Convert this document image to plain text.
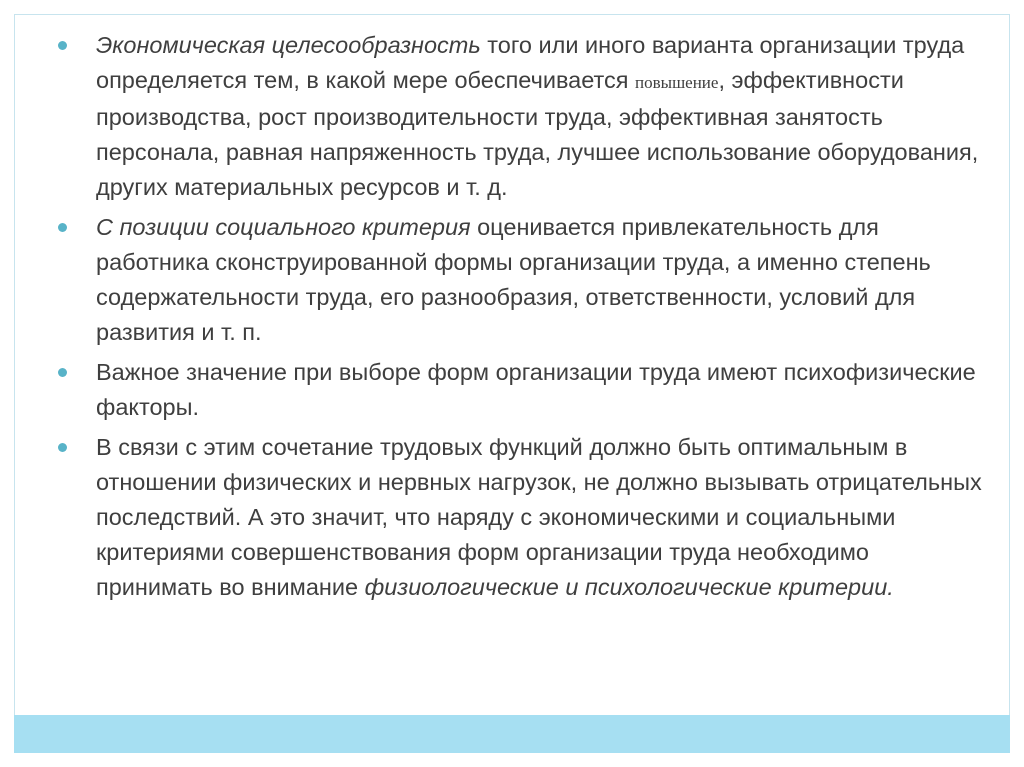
Экономическая целесообразность того или иного варианта организации труда определяется тем, в какой мере обеспечивается повышение, эффективности производства, рост производительности труда, эффективная занятость персонала, равная напряженность труда, лучшее использование оборудования, других материальных ресурсов и т. д.
С позиции социального критерия оценивается привлекательность для работника сконструированной формы организации труда, а именно степень содержательности труда, его разнообразия, ответственности, условий для развития и т. п.
Важное значение при выборе форм организации труда имеют психофизические факторы.
В связи с этим сочетание трудовых функций должно быть оптимальным в отношении физических и нервных нагрузок, не должно вызывать отрицательных последствий. А это значит, что наряду с экономическими и социальными критериями совершенствования форм организации труда необходимо принимать во внимание физиологические и психологические критерии.
